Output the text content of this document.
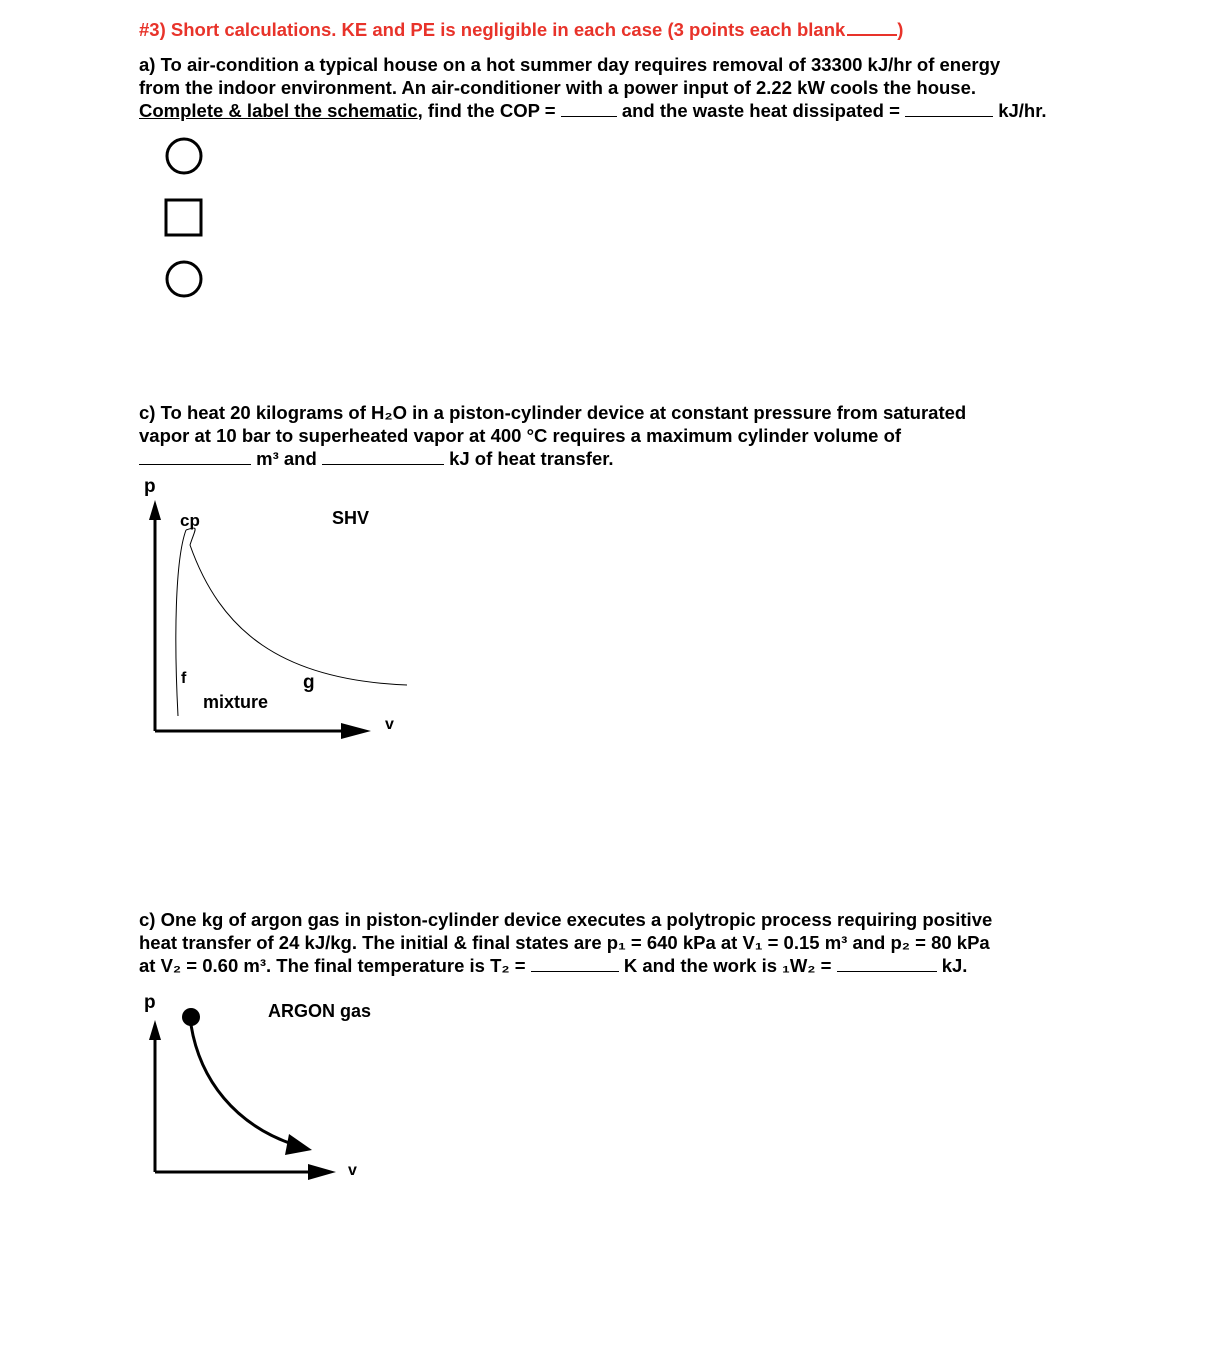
#3) Short calculations. KE and PE is negligible in each case (3 points each blank	)
a) To air-condition a typical house on a hot summer day requires removal of 33300 kJ/hr of energy
from the indoor environment. An air-conditioner with a power input of 2.22 kW cools the house.
Complete & label the schematic, find the COP =	and the waste heat dissipated =	kJ/hr.
c) To heat 20 kilograms of H₂O in a piston-cylinder device at constant pressure from saturated
vapor at 10 bar to superheated vapor at 400 °C requires a maximum cylinder volume of
m³ and	kJ of heat transfer.
cp	SHV
p
f	g
mixture
v
c) One kg of argon gas in piston-cylinder device executes a polytropic process requiring positive
heat transfer of 24 kJ/kg. The initial & final states are p₁ = 640 kPa at V₁ = 0.15 m³ and p₂ = 80 kPa
at V₂ = 0.60 m³. The final temperature is T₂ =	K and the work is ₁W₂ =	kJ.
p	ARGON gas
v
